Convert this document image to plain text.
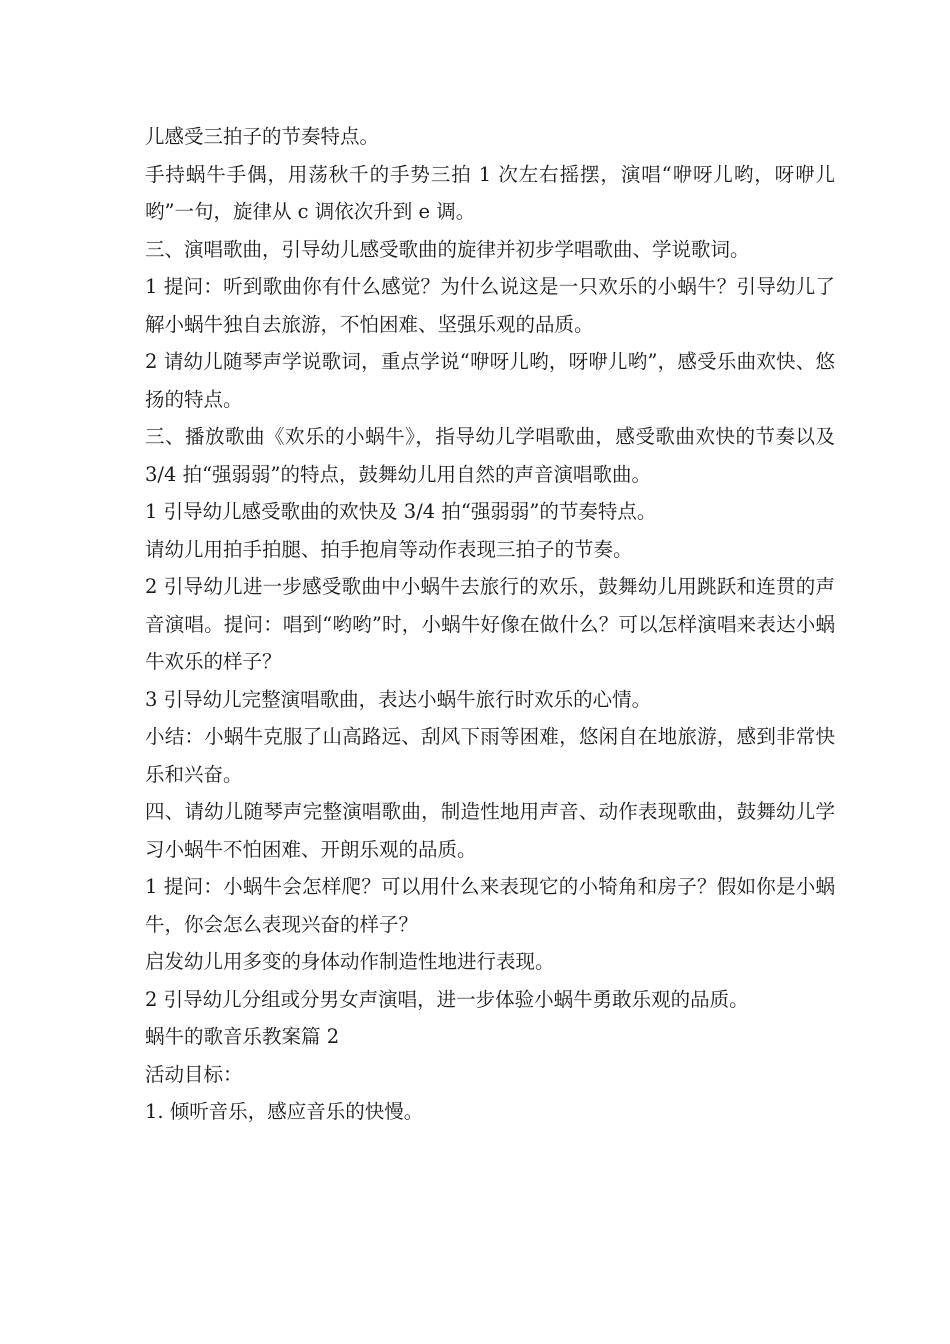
儿感受三拍子的节奏特点。

手持蜗牛手偶，用荡秋千的手势三拍 1 次左右摇摆，演唱“咿呀儿哟，呀咿儿哟”一句，旋律从 c 调依次升到 e 调。

三、演唱歌曲，引导幼儿感受歌曲的旋律并初步学唱歌曲、学说歌词。

1 提问：听到歌曲你有什么感觉？为什么说这是一只欢乐的小蜗牛？引导幼儿了解小蜗牛独自去旅游，不怕困难、坚强乐观的品质。

2 请幼儿随琴声学说歌词，重点学说“咿呀儿哟，呀咿儿哟”，感受乐曲欢快、悠扬的特点。

三、播放歌曲《欢乐的小蜗牛》，指导幼儿学唱歌曲，感受歌曲欢快的节奏以及 3/4 拍“强弱弱”的特点，鼓舞幼儿用自然的声音演唱歌曲。

1 引导幼儿感受歌曲的欢快及 3/4 拍“强弱弱”的节奏特点。

请幼儿用拍手拍腿、拍手抱肩等动作表现三拍子的节奏。

2 引导幼儿进一步感受歌曲中小蜗牛去旅行的欢乐，鼓舞幼儿用跳跃和连贯的声音演唱。提问：唱到“哟哟”时，小蜗牛好像在做什么？可以怎样演唱来表达小蜗牛欢乐的样子？

3 引导幼儿完整演唱歌曲，表达小蜗牛旅行时欢乐的心情。

小结：小蜗牛克服了山高路远、刮风下雨等困难，悠闲自在地旅游，感到非常快乐和兴奋。

四、请幼儿随琴声完整演唱歌曲，制造性地用声音、动作表现歌曲，鼓舞幼儿学习小蜗牛不怕困难、开朗乐观的品质。

1 提问：小蜗牛会怎样爬？可以用什么来表现它的小犄角和房子？假如你是小蜗牛，你会怎么表现兴奋的样子？

启发幼儿用多变的身体动作制造性地进行表现。

2 引导幼儿分组或分男女声演唱，进一步体验小蜗牛勇敢乐观的品质。

蜗牛的歌音乐教案篇 2

活动目标：

1. 倾听音乐，感应音乐的快慢。
